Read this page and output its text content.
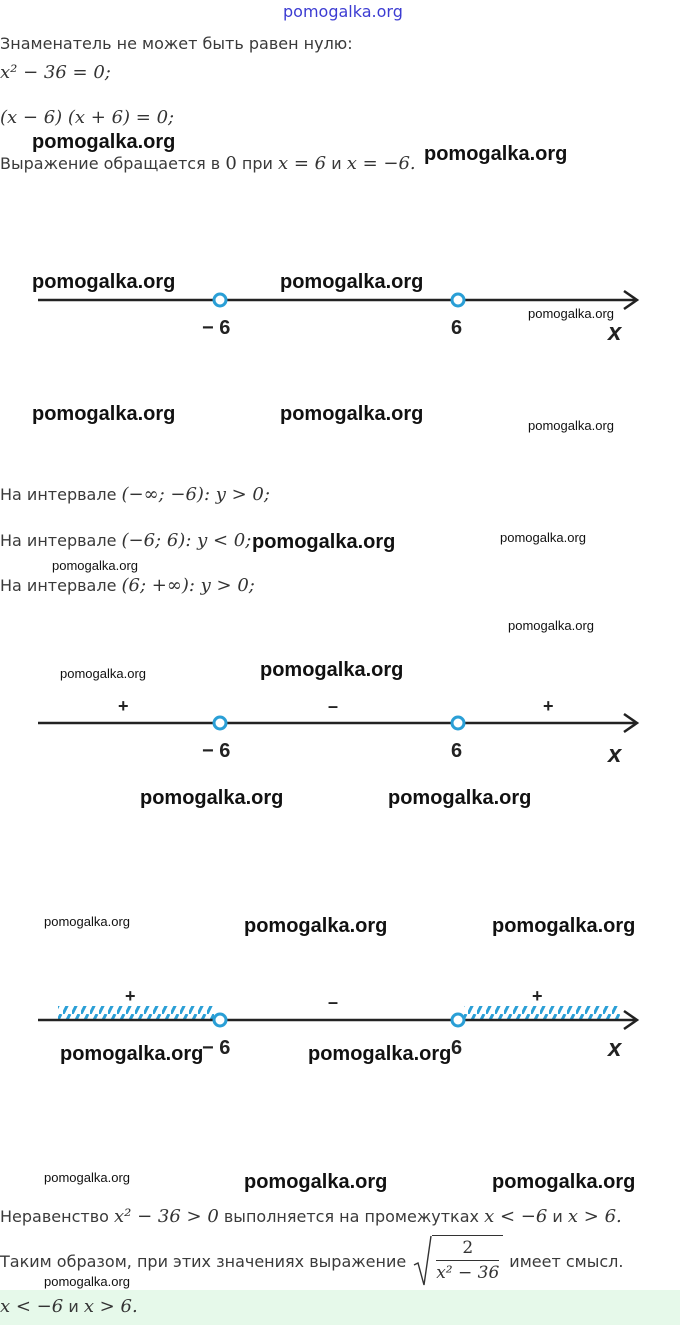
pomogalka.org
Знаменатель не может быть равен нулю:
x² − 36 = 0;
(x − 6) (x + 6) = 0;
Выражение обращается в 0 при x = 6 и x = −6.
− 6	6	x
На интервале (−∞; −6): y > 0;
На интервале (−6; 6): y < 0;
На интервале (6; +∞): y > 0;
+	–	+
− 6	6	x
+	–	+
− 6	6	x
Неравенство x² − 36 > 0 выполняется на промежутках x < −6 и x > 6.
Таким образом, при этих значениях выражение $\frac{2}{\text{x² − 36}}$ имеет смысл.
x < −6 и x > 6.
pomogalka.org
pomogalka.org
pomogalka.org	pomogalka.org
pomogalka.org
pomogalka.org	pomogalka.org
pomogalka.org
pomogalka.org	pomogalka.org
pomogalka.org
pomogalka.org
pomogalka.org
pomogalka.org
pomogalka.org	pomogalka.org
pomogalka.org	pomogalka.org	pomogalka.org
pomogalka.org	pomogalka.org
pomogalka.org	pomogalka.org	pomogalka.org
pomogalka.org
